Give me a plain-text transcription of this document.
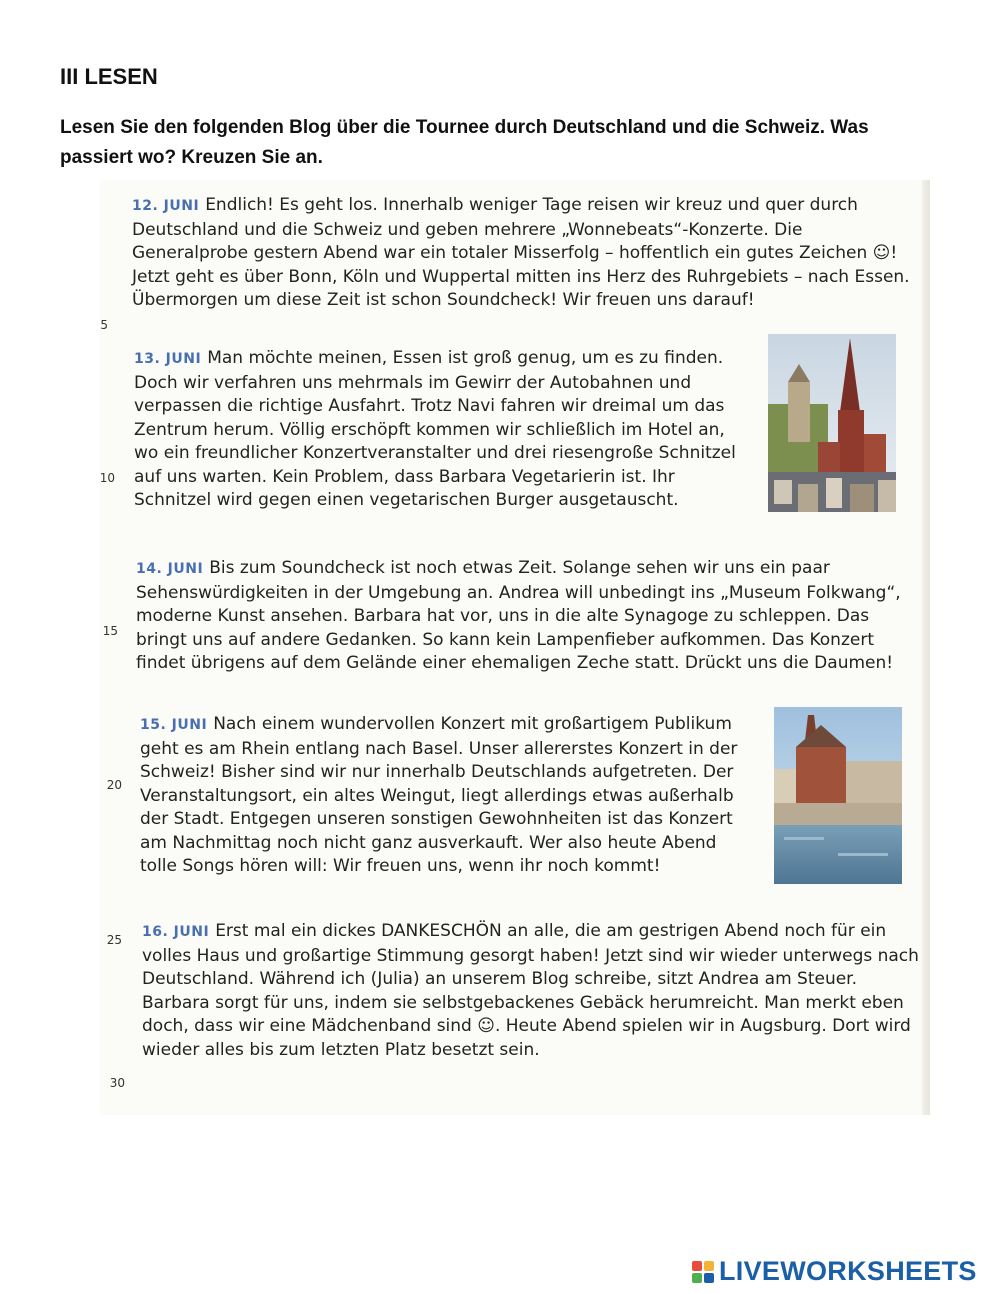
III LESEN

Lesen Sie den folgenden Blog über die Tournee durch Deutschland und die Schweiz. Was passiert wo? Kreuzen Sie an.

12. JUNI Endlich! Es geht los. Innerhalb weniger Tage reisen wir kreuz und quer durch Deutschland und die Schweiz und geben mehrere „Wonnebeats“-Konzerte. Die Generalprobe gestern Abend war ein totaler Misserfolg – hoffentlich ein gutes Zeichen ☺! Jetzt geht es über Bonn, Köln und Wuppertal mitten ins Herz des Ruhrgebiets – nach Essen. Übermorgen um diese Zeit ist schon Soundcheck! Wir freuen uns darauf!
13. JUNI Man möchte meinen, Essen ist groß genug, um es zu finden. Doch wir verfahren uns mehrmals im Gewirr der Autobahnen und verpassen die richtige Ausfahrt. Trotz Navi fahren wir dreimal um das Zentrum herum. Völlig erschöpft kommen wir schließlich im Hotel an, wo ein freundlicher Konzertveranstalter und drei riesengroße Schnitzel auf uns warten. Kein Problem, dass Barbara Vegetarierin ist. Ihr Schnitzel wird gegen einen vegetarischen Burger ausgetauscht.
14. JUNI Bis zum Soundcheck ist noch etwas Zeit. Solange sehen wir uns ein paar Sehenswürdigkeiten in der Umgebung an. Andrea will unbedingt ins „Museum Folkwang“, moderne Kunst ansehen. Barbara hat vor, uns in die alte Synagoge zu schleppen. Das bringt uns auf andere Gedanken. So kann kein Lampenfieber aufkommen. Das Konzert findet übrigens auf dem Gelände einer ehemaligen Zeche statt. Drückt uns die Daumen!
15. JUNI Nach einem wundervollen Konzert mit großartigem Publikum geht es am Rhein entlang nach Basel. Unser allererstes Konzert in der Schweiz! Bisher sind wir nur innerhalb Deutschlands aufgetreten. Der Veranstaltungsort, ein altes Weingut, liegt allerdings etwas außerhalb der Stadt. Entgegen unseren sonstigen Gewohnheiten ist das Konzert am Nachmittag noch nicht ganz ausverkauft. Wer also heute Abend tolle Songs hören will: Wir freuen uns, wenn ihr noch kommt!
16. JUNI Erst mal ein dickes DANKESCHÖN an alle, die am gestrigen Abend noch für ein volles Haus und großartige Stimmung gesorgt haben! Jetzt sind wir wieder unterwegs nach Deutschland. Während ich (Julia) an unserem Blog schreibe, sitzt Andrea am Steuer. Barbara sorgt für uns, indem sie selbstgebackenes Gebäck herumreicht. Man merkt eben doch, dass wir eine Mädchenband sind ☺. Heute Abend spielen wir in Augsburg. Dort wird wieder alles bis zum letzten Platz besetzt sein.
5
10
15
20
25
30
LIVEWORKSHEETS
